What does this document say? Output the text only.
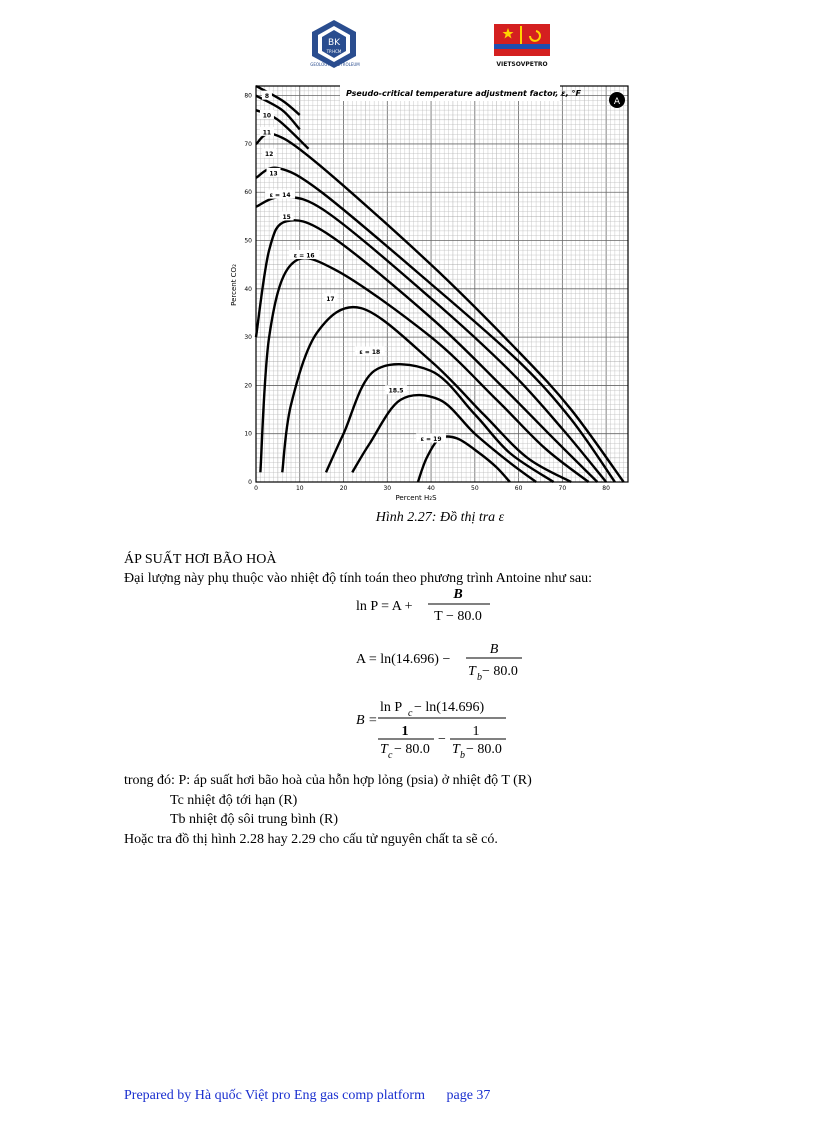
BK
TP.HCM
GEOLOGY & PETROLEUM	VIETSOVPETRO
0	10	20	30	40	50	60	70	80
0
10
20
30
40
50
60
70
80 8
10
11
12
13
ε = 14
15
ε = 16
17
ε = 18
18.5
ε = 19
Pseudo-critical temperature adjustment factor, ε, °F
A
Percent H₂S
Percent CO₂
Hình 2.27: Đồ thị tra ε
ÁP SUẤT HƠI BÃO HOÀ
Đại lượng này phụ thuộc vào nhiệt độ tính toán theo phương trình Antoine như sau:
ln P = A +
B
T − 80.0
A = ln(14.696) −
B
T b − 80.0
B =
ln P c − ln(14.696)
1
T c − 80.0
−
1
T b − 80.0
trong đó: P: áp suất hơi bão hoà của hỗn hợp lỏng (psia) ở nhiệt độ T (R)
Tc nhiệt độ tới hạn (R)
Tb nhiệt độ sôi trung bình (R)
Hoặc tra đồ thị hình 2.28 hay 2.29 cho cấu tử nguyên chất ta sẽ có.
Prepared by Hà quốc Việt pro Eng gas comp platform page 37
